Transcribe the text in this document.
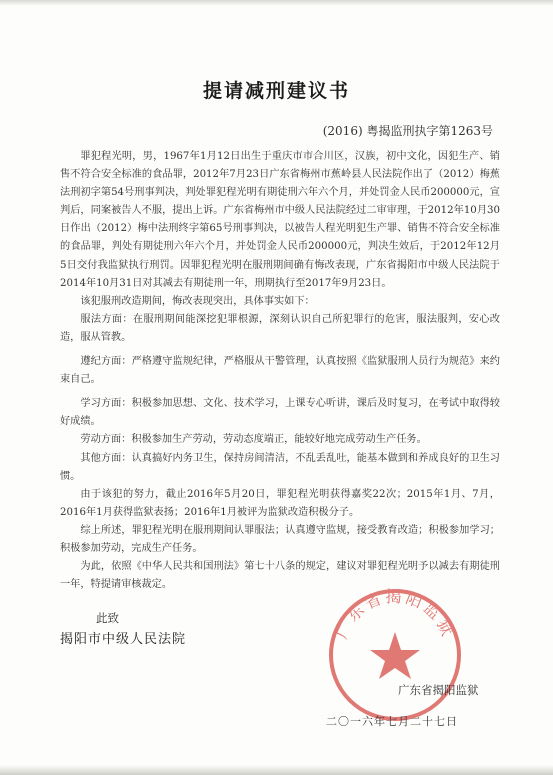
提请减刑建议书
(2016) 粤揭监刑执字第1263号

罪犯程光明，男，1967年1月12日出生于重庆市市合川区，汉族，初中文化，因犯生产、销售不符合安全标准的食品罪，2012年7月23日广东省梅州市蕉岭县人民法院作出了（2012）梅蕉法刑初字第54号刑事判决，判处罪犯程光明有期徒刑六年六个月，并处罚金人民币200000元，宣判后，同案被告人不服，提出上诉。广东省梅州市中级人民法院经过二审审理，于2012年10月30日作出（2012）梅中法刑终字第65号刑事判决，以被告人程光明犯生产罪、销售不符合安全标准的食品罪，判处有期徒刑六年六个月，并处罚金人民币200000元，判决生效后，于2012年12月5日交付我监狱执行刑罚。因罪犯程光明在服刑期间确有悔改表现，广东省揭阳市中级人民法院于2014年10月31日对其减去有期徒刑一年，刑期执行至2017年9月23日。

该犯服刑改造期间，悔改表现突出，具体事实如下：

服法方面：在服刑期间能深挖犯罪根源，深刻认识自己所犯罪行的危害，服法服判，安心改造，服从管教。

遵纪方面：严格遵守监规纪律，严格服从干警管理，认真按照《监狱服刑人员行为规范》来约束自己。

学习方面：积极参加思想、文化、技术学习，上课专心听讲，课后及时复习，在考试中取得较好成绩。

劳动方面：积极参加生产劳动，劳动态度端正，能较好地完成劳动生产任务。

其他方面：认真搞好内务卫生，保持房间清洁，不乱丢乱吐，能基本做到和养成良好的卫生习惯。

由于该犯的努力，截止2016年5月20日，罪犯程光明获得嘉奖22次；2015年1月、7月，2016年1月获得监狱表扬；2016年1月被评为监狱改造积极分子。

综上所述，罪犯程光明在服刑期间认罪服法；认真遵守监规，接受教育改造；积极参加学习；积极参加劳动，完成生产任务。

为此，依照《中华人民共和国刑法》第七十八条的规定，建议对罪犯程光明予以减去有期徒刑一年，特提请审核裁定。

此致
揭阳市中级人民法院	广东省揭阳监狱
广东省揭阳监狱
二〇一六年七月二十七日
